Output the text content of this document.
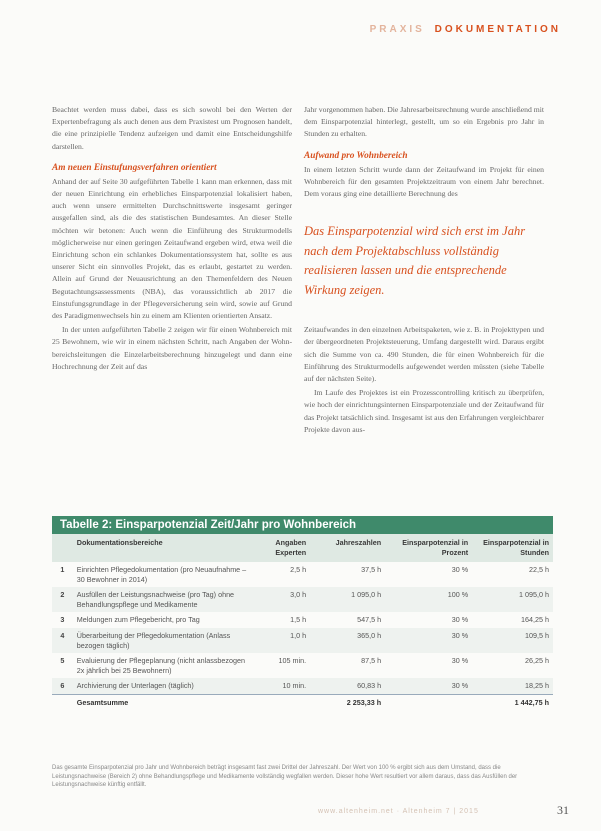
PRAXIS DOKUMENTATION

Beachtet werden muss dabei, dass es sich sowohl bei den Werten der Expertenbefragung als auch denen aus dem Praxistest um Prognosen handelt, die eine prinzipielle Tendenz aufzeigen und damit eine Entscheidungshilfe darstellen.

Am neuen Einstufungsverfahren orientiert

Anhand der auf Seite 30 aufgeführten Tabelle 1 kann man erkennen, dass mit der neuen Einrichtung ein erhebliches Einsparpotenzial lokalisiert haben, auch wenn unsere ermittelten Durchschnittswerte insgesamt geringer ausgefallen sind, als die des statistischen Bundesamtes. An dieser Stelle möchten wir betonen: Auch wenn die Einführung des Strukturmodells möglicherweise nur einen geringen Zeitaufwand ergeben wird, etwa weil die Einrichtung schon ein schlankes Dokumentationssystem hat, sollte es aus unserer Sicht ein sinnvolles Projekt, das es erlaubt, gestartet zu werden. Allein auf Grund der Neuausrichtung an den Themenfeldern des Neuen Begutachtungsassessments (NBA), das voraussichtlich ab 2017 die Einstufungsgrundlage in der Pflegeversicherung sein wird, sowie auf Grund des Paradigmenwechsels hin zu einem am Klienten orientierten Ansatz.

In der unten aufgeführten Tabelle 2 zeigen wir für einen Wohnbereich mit 25 Bewohnern, wie wir in einem nächsten Schritt, nach Angaben der Wohnbereichsleitungen die Einzelarbeitsberechnung hinzugelegt und dann eine Hochrechnung der Zeit auf das

Jahr vorgenommen haben. Die Jahresarbeitsrechnung wurde anschließend mit dem Einsparpotenzial hinterlegt, gestellt, um so ein Ergebnis pro Jahr in Stunden zu erhalten.

Aufwand pro Wohnbereich

In einem letzten Schritt wurde dann der Zeitaufwand im Projekt für einen Wohnbereich für den gesamten Projektzeitraum von einem Jahr berechnet. Dem voraus ging eine detaillierte Berechnung des

Das Einsparpotenzial wird sich erst im Jahr nach dem Projektabschluss vollständig realisieren lassen und die entsprechende Wirkung zeigen.

Zeitaufwandes in den einzelnen Arbeitspaketen, wie z. B. in Projekttypen und der übergeordneten Projektsteuerung, Umfang dargestellt wird. Daraus ergibt sich die Summe von ca. 490 Stunden, die für einen Wohnbereich für die Einführung des Strukturmodells aufgewendet werden müssten (siehe Tabelle auf der nächsten Seite).

Im Laufe des Projektes ist ein Prozesscontrolling kritisch zu überprüfen, wie hoch der einrichtungsinternen Einsparpotenziale und der Zeitaufwand für das Projekt tatsächlich sind. Insgesamt ist aus den Erfahrungen vergleichbarer Projekte davon aus-

Tabelle 2: Einsparpotenzial Zeit/Jahr pro Wohnbereich
	Dokumentationsbereiche	Angaben Experten	Jahreszahlen	Einsparpotenzial in Prozent	Einsparpotenzial in Stunden
1	Einrichten Pflegedokumentation (pro Neuaufnahme – 30 Bewohner in 2014)	2,5 h	37,5 h	30 %	22,5 h
2	Ausfüllen der Leistungsnachweise (pro Tag) ohne Behandlungspflege und Medikamente	3,0 h	1 095,0 h	100 %	1 095,0 h
3	Meldungen zum Pflegebericht, pro Tag	1,5 h	547,5 h	30 %	164,25 h
4	Überarbeitung der Pflegedokumentation (Anlass bezogen täglich)	1,0 h	365,0 h	30 %	109,5 h
5	Evaluierung der Pflegeplanung (nicht anlassbezogen 2x jährlich bei 25 Bewohnern)	105 min.	87,5 h	30 %	26,25 h
6	Archivierung der Unterlagen (täglich)	10 min.	60,83 h	30 %	18,25 h
	Gesamtsumme		2 253,33 h		1 442,75 h
Das gesamte Einsparpotenzial pro Jahr und Wohnbereich beträgt insgesamt fast zwei Drittel der Jahreszahl. Der Wert von 100 % ergibt sich aus dem Umstand, dass die Leistungsnachweise (Bereich 2) ohne Behandlungspflege und Medikamente vollständig wegfallen werden. Dieser hohe Wert resultiert vor allem daraus, dass das Ausfüllen der Leistungsnachweise künftig entfällt.
www.altenheim.net · Altenheim 7 | 2015	31
